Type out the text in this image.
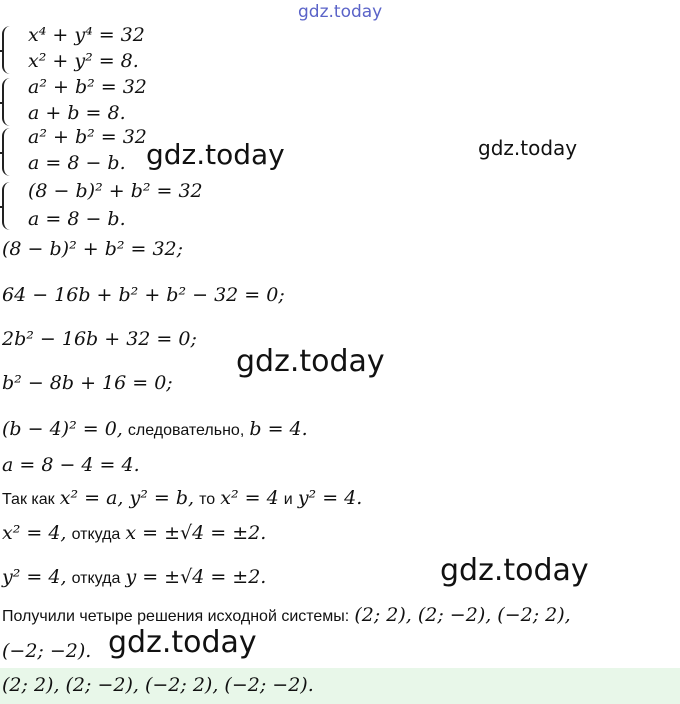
gdz.today
gdz.today	gdz.today
gdz.today
gdz.today
gdz.today
x⁴ + y⁴ = 32
x² + y² = 8.
a² + b² = 32
a + b = 8.
a² + b² = 32
a = 8 − b.
(8 − b)² + b² = 32
a = 8 − b.
(8 − b)² + b² = 32;
64 − 16b + b² + b² − 32 = 0;
2b² − 16b + 32 = 0;
b² − 8b + 16 = 0;
(b − 4)² = 0, следовательно, b = 4.
a = 8 − 4 = 4.
Так как x² = a, y² = b, то x² = 4 и y² = 4.
x² = 4, откуда x = ±√4 = ±2.
y² = 4, откуда y = ±√4 = ±2.
Получили четыре решения исходной системы: (2; 2), (2; −2), (−2; 2),
(−2; −2).
(2; 2), (2; −2), (−2; 2), (−2; −2).
